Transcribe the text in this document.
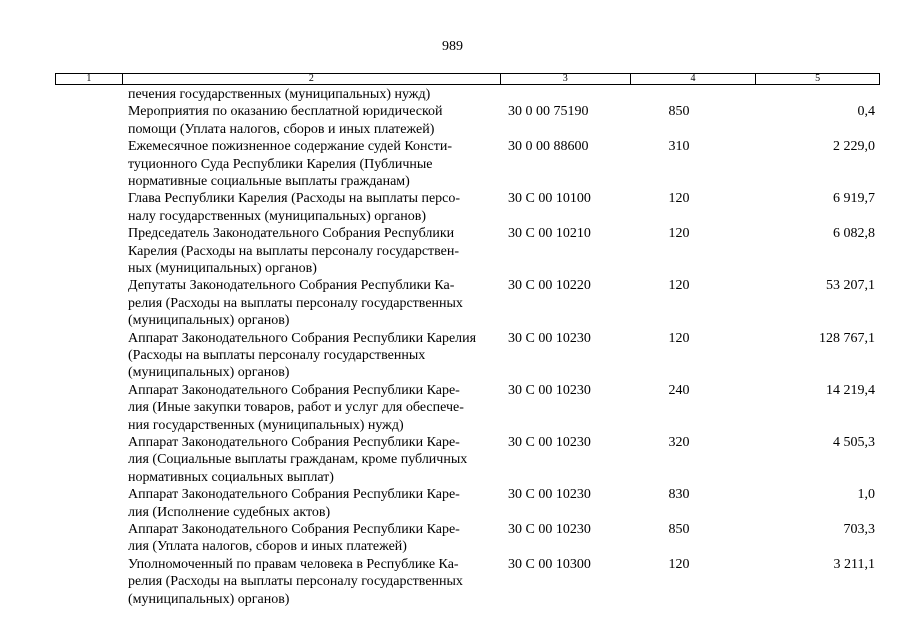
989
1	2	3	4	5
печения государственных (муниципальных) нужд)
Мероприятия по оказанию бесплатной юридической
помощи (Уплата налогов, сборов и иных платежей)
30 0 00 75190	850	0,4
Ежемесячное пожизненное содержание судей Консти-
туционного Суда Республики Карелия (Публичные
нормативные социальные выплаты гражданам)
30 0 00 88600	310	2 229,0
Глава Республики Карелия (Расходы на выплаты персо-
налу государственных (муниципальных) органов)
30 С 00 10100	120	6 919,7
Председатель Законодательного Собрания Республики
Карелия (Расходы на выплаты персоналу государствен-
ных (муниципальных) органов)
30 С 00 10210	120	6 082,8
Депутаты Законодательного Собрания Республики Ка-
релия (Расходы на выплаты персоналу государственных
(муниципальных) органов)
30 С 00 10220	120	53 207,1
Аппарат Законодательного Собрания Республики Карелия
(Расходы на выплаты персоналу государственных
(муниципальных) органов)
30 С 00 10230	120	128 767,1
Аппарат Законодательного Собрания Республики Каре-
лия (Иные закупки товаров, работ и услуг для обеспече-
ния государственных (муниципальных) нужд)
30 С 00 10230	240	14 219,4
Аппарат Законодательного Собрания Республики Каре-
лия (Социальные выплаты гражданам, кроме публичных
нормативных социальных выплат)
30 С 00 10230	320	4 505,3
Аппарат Законодательного Собрания Республики Каре-
лия (Исполнение судебных актов)
30 С 00 10230	830	1,0
Аппарат Законодательного Собрания Республики Каре-
лия (Уплата налогов, сборов и иных платежей)
30 С 00 10230	850	703,3
Уполномоченный по правам человека в Республике Ка-
релия (Расходы на выплаты персоналу государственных
(муниципальных) органов)
30 С 00 10300	120	3 211,1
